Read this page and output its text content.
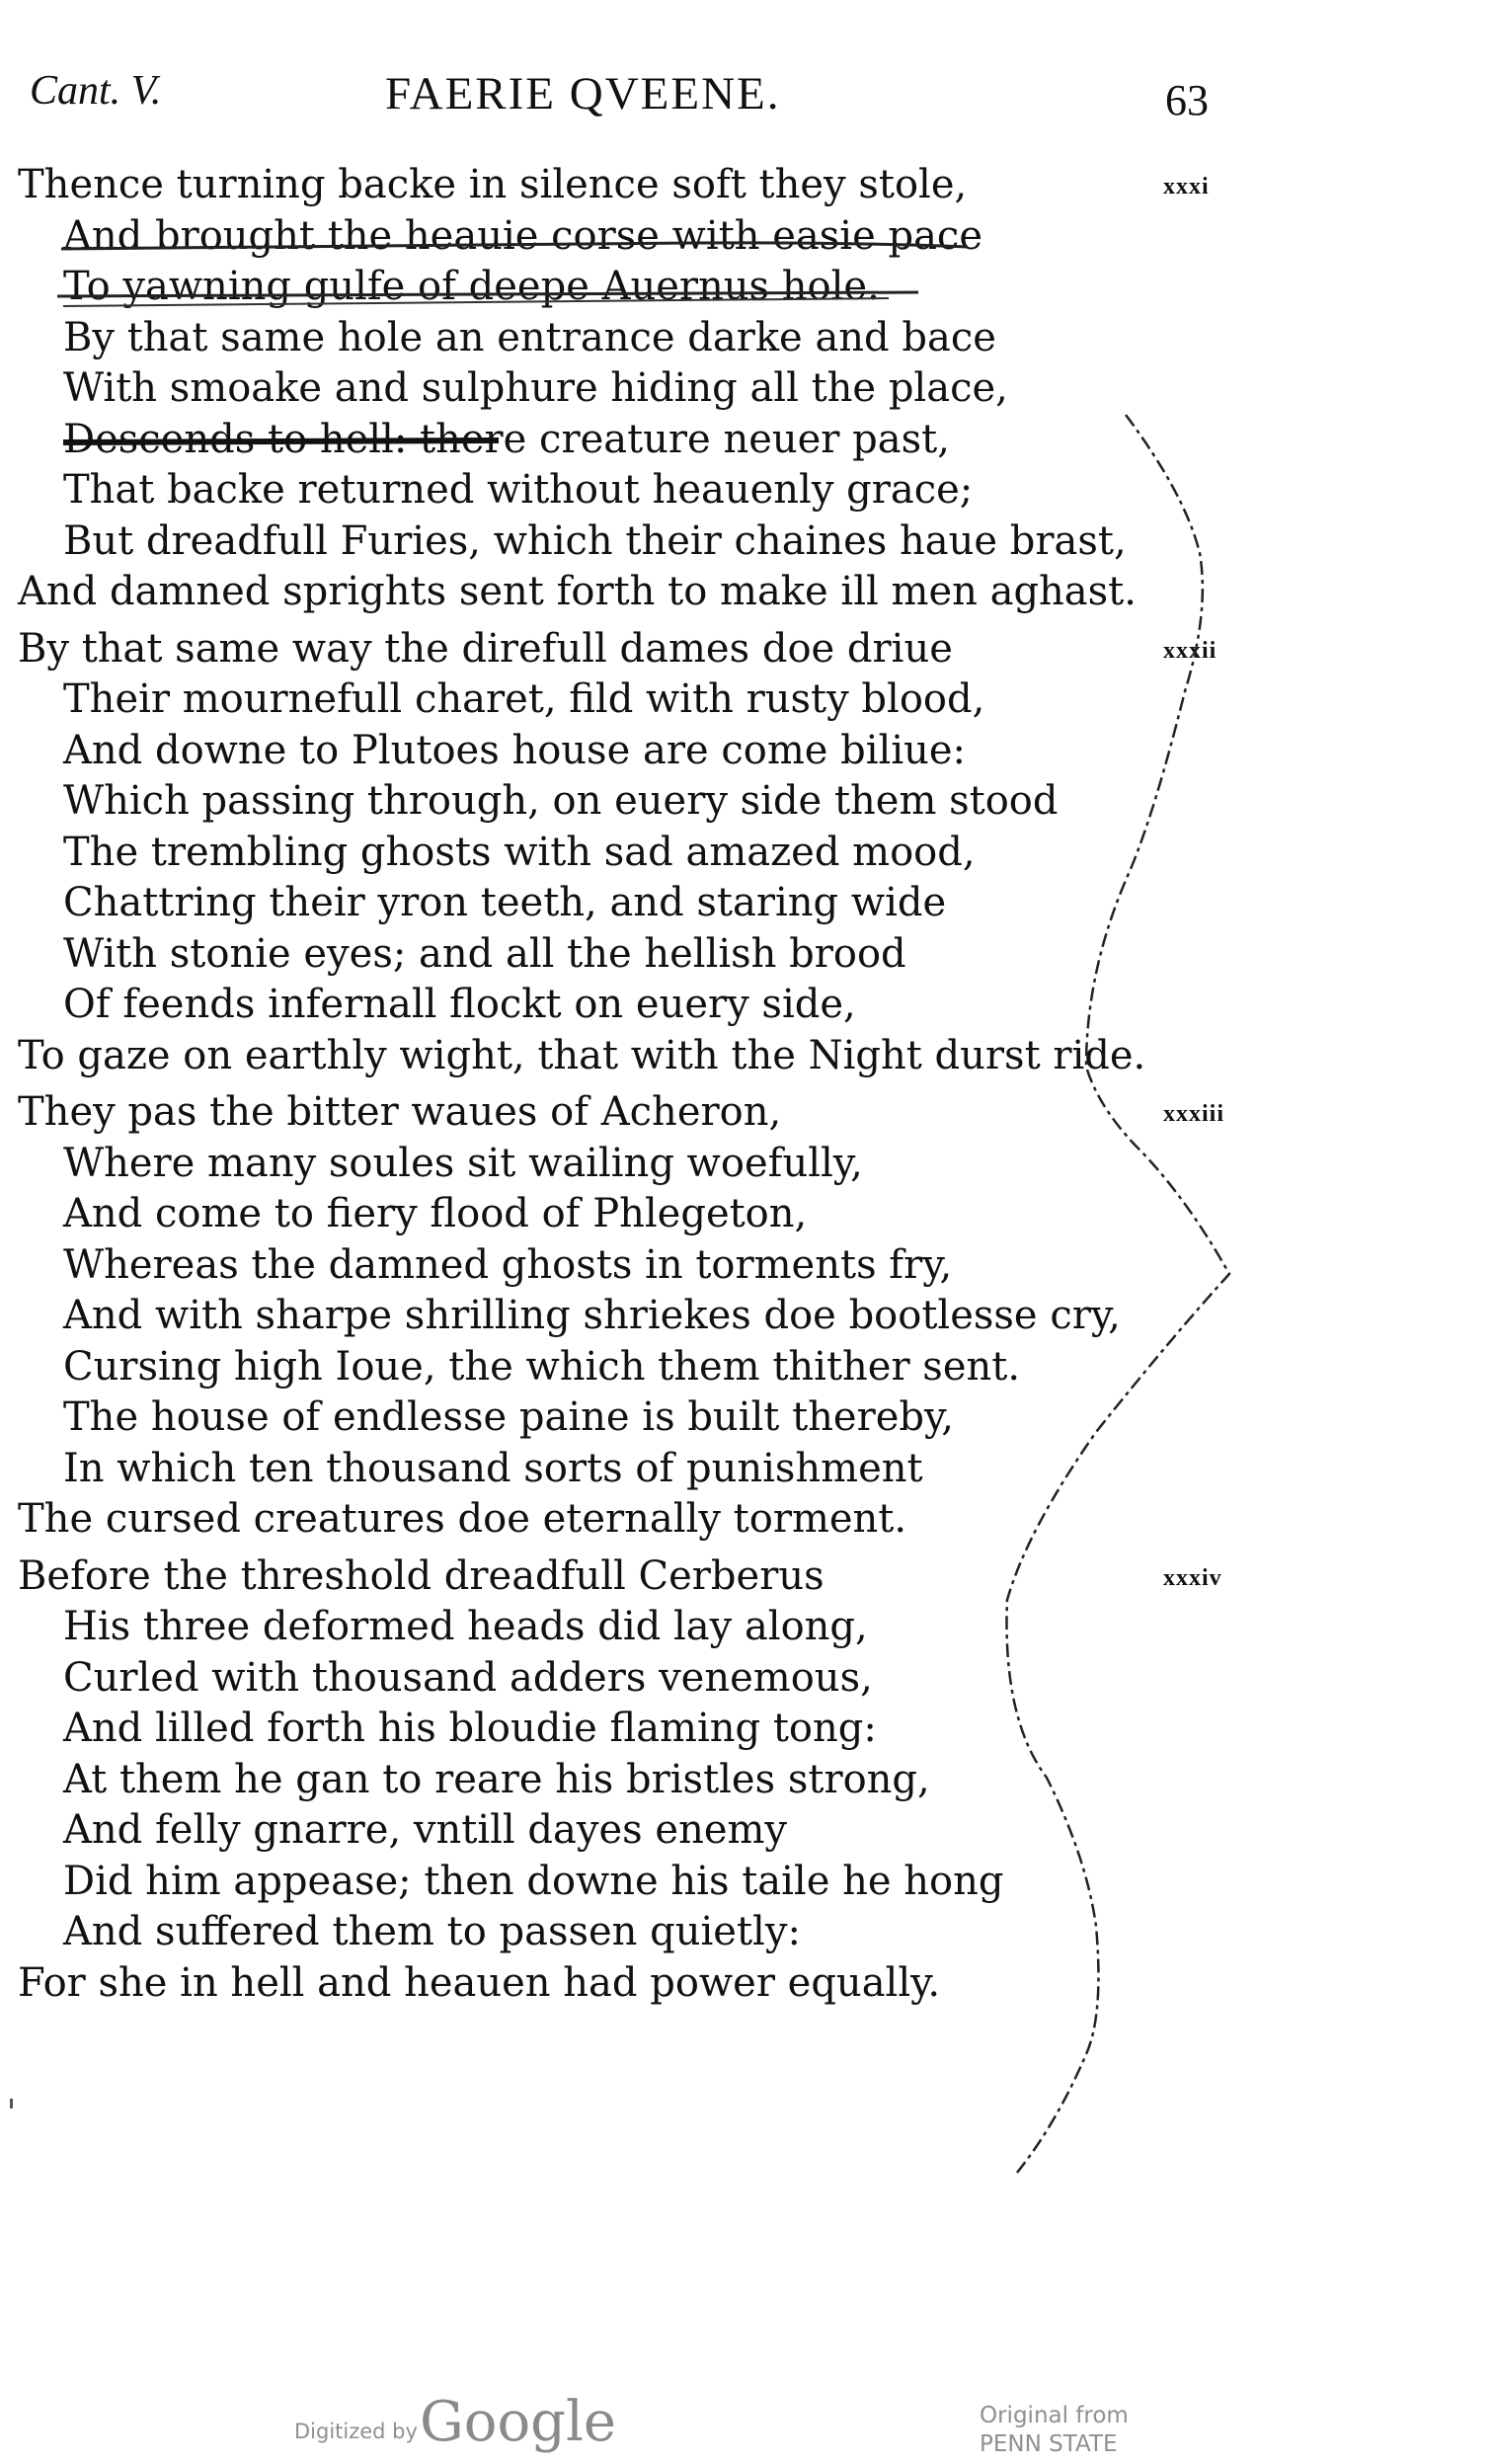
Cant. V.	FAERIE QVEENE.	63
xxxi
Thence turning backe in silence soft they stole,
And brought the heauie corse with easie pace
To yawning gulfe of deepe Auernus hole.
By that same hole an entrance darke and bace
With smoake and sulphure hiding all the place,
Descends to hell: there creature neuer past,
That backe returned without heauenly grace;
But dreadfull Furies, which their chaines haue brast,
And damned sprights sent forth to make ill men aghast.
xxxii
By that same way the direfull dames doe driue
Their mournefull charet, fild with rusty blood,
And downe to Plutoes house are come biliue:
Which passing through, on euery side them stood
The trembling ghosts with sad amazed mood,
Chattring their yron teeth, and staring wide
With stonie eyes; and all the hellish brood
Of feends infernall flockt on euery side,
To gaze on earthly wight, that with the Night durst ride.
xxxiii
They pas the bitter waues of Acheron,
Where many soules sit wailing woefully,
And come to fiery flood of Phlegeton,
Whereas the damned ghosts in torments fry,
And with sharpe shrilling shriekes doe bootlesse cry,
Cursing high Ioue, the which them thither sent.
The house of endlesse paine is built thereby,
In which ten thousand sorts of punishment
The cursed creatures doe eternally torment.
xxxiv
Before the threshold dreadfull Cerberus
His three deformed heads did lay along,
Curled with thousand adders venemous,
And lilled forth his bloudie flaming tong:
At them he gan to reare his bristles strong,
And felly gnarre, vntill dayes enemy
Did him appease; then downe his taile he hong
And suffered them to passen quietly:
For she in hell and heauen had power equally.
Digitized by Google	Original from
PENN STATE
